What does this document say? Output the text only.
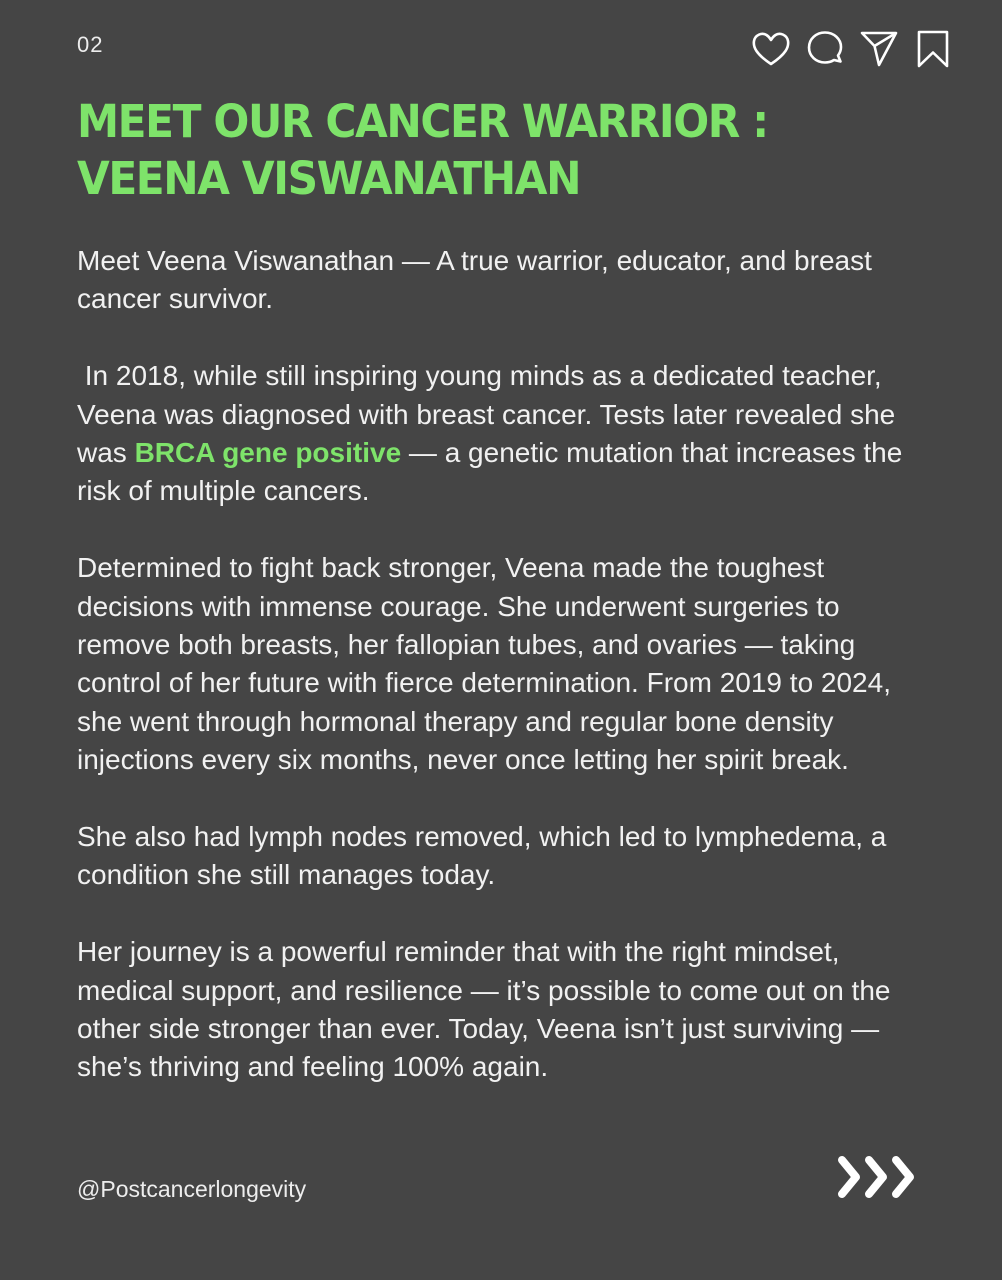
02
MEET OUR CANCER WARRIOR : VEENA VISWANATHAN

Meet Veena Viswanathan — A true warrior, educator, and breast cancer survivor.

In 2018, while still inspiring young minds as a dedicated teacher, Veena was diagnosed with breast cancer. Tests later revealed she was BRCA gene positive — a genetic mutation that increases the risk of multiple cancers.

Determined to fight back stronger, Veena made the toughest decisions with immense courage. She underwent surgeries to remove both breasts, her fallopian tubes, and ovaries — taking control of her future with fierce determination. From 2019 to 2024, she went through hormonal therapy and regular bone density injections every six months, never once letting her spirit break.

She also had lymph nodes removed, which led to lymphedema, a condition she still manages today.

Her journey is a powerful reminder that with the right mindset, medical support, and resilience — it’s possible to come out on the other side stronger than ever. Today, Veena isn’t just surviving — she’s thriving and feeling 100% again.

@Postcancerlongevity
